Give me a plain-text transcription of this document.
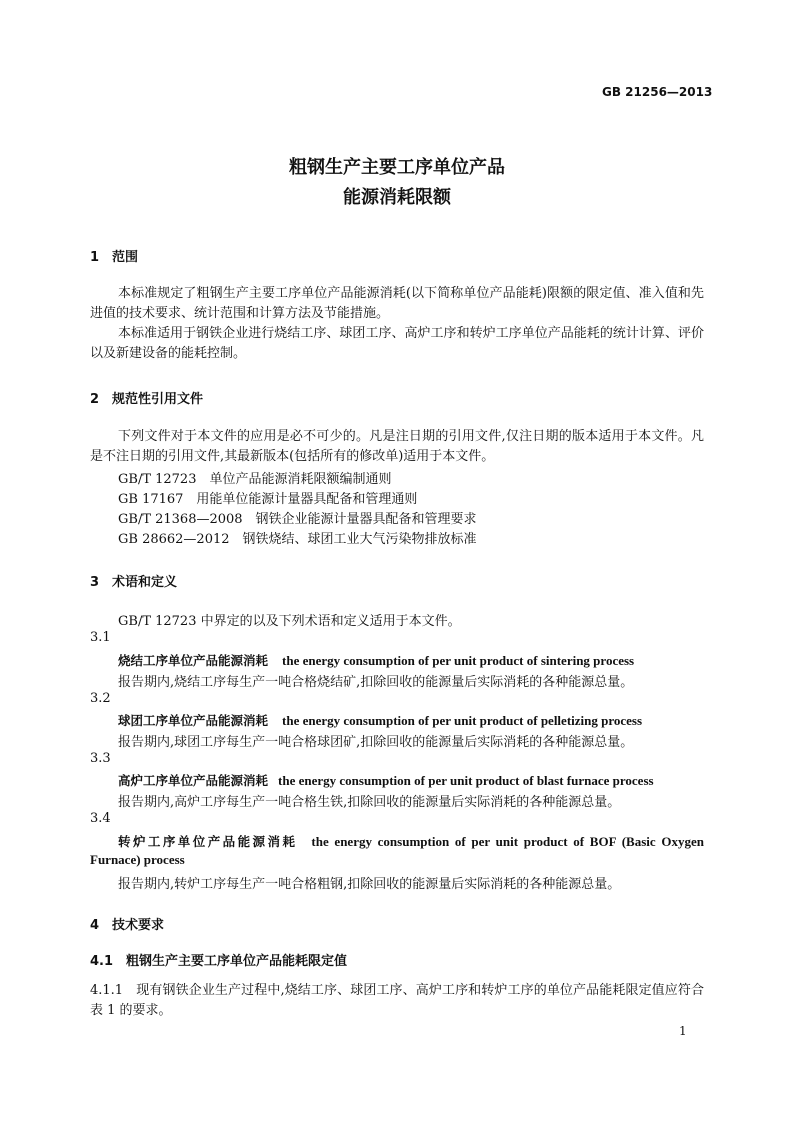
GB 21256—2013
粗钢生产主要工序单位产品
能源消耗限额
1　范围
本标准规定了粗钢生产主要工序单位产品能源消耗(以下简称单位产品能耗)限额的限定值、准入值和先进值的技术要求、统计范围和计算方法及节能措施。
本标准适用于钢铁企业进行烧结工序、球团工序、高炉工序和转炉工序单位产品能耗的统计计算、评价以及新建设备的能耗控制。
2　规范性引用文件
下列文件对于本文件的应用是必不可少的。凡是注日期的引用文件,仅注日期的版本适用于本文件。凡是不注日期的引用文件,其最新版本(包括所有的修改单)适用于本文件。
GB/T 12723　单位产品能源消耗限额编制通则
GB 17167　用能单位能源计量器具配备和管理通则
GB/T 21368—2008　钢铁企业能源计量器具配备和管理要求
GB 28662—2012　钢铁烧结、球团工业大气污染物排放标准
3　术语和定义
GB/T 12723 中界定的以及下列术语和定义适用于本文件。
3.1
烧结工序单位产品能源消耗 the energy consumption of per unit product of sintering process
报告期内,烧结工序每生产一吨合格烧结矿,扣除回收的能源量后实际消耗的各种能源总量。
3.2
球团工序单位产品能源消耗 the energy consumption of per unit product of pelletizing process
报告期内,球团工序每生产一吨合格球团矿,扣除回收的能源量后实际消耗的各种能源总量。
3.3
高炉工序单位产品能源消耗 the energy consumption of per unit product of blast furnace process
报告期内,高炉工序每生产一吨合格生铁,扣除回收的能源量后实际消耗的各种能源总量。
3.4
转炉工序单位产品能源消耗 the energy consumption of per unit product of BOF (Basic Oxygen
Furnace) process
报告期内,转炉工序每生产一吨合格粗钢,扣除回收的能源量后实际消耗的各种能源总量。
4　技术要求
4.1　粗钢生产主要工序单位产品能耗限定值
4.1.1　现有钢铁企业生产过程中,烧结工序、球团工序、高炉工序和转炉工序的单位产品能耗限定值应符合表 1 的要求。
1
